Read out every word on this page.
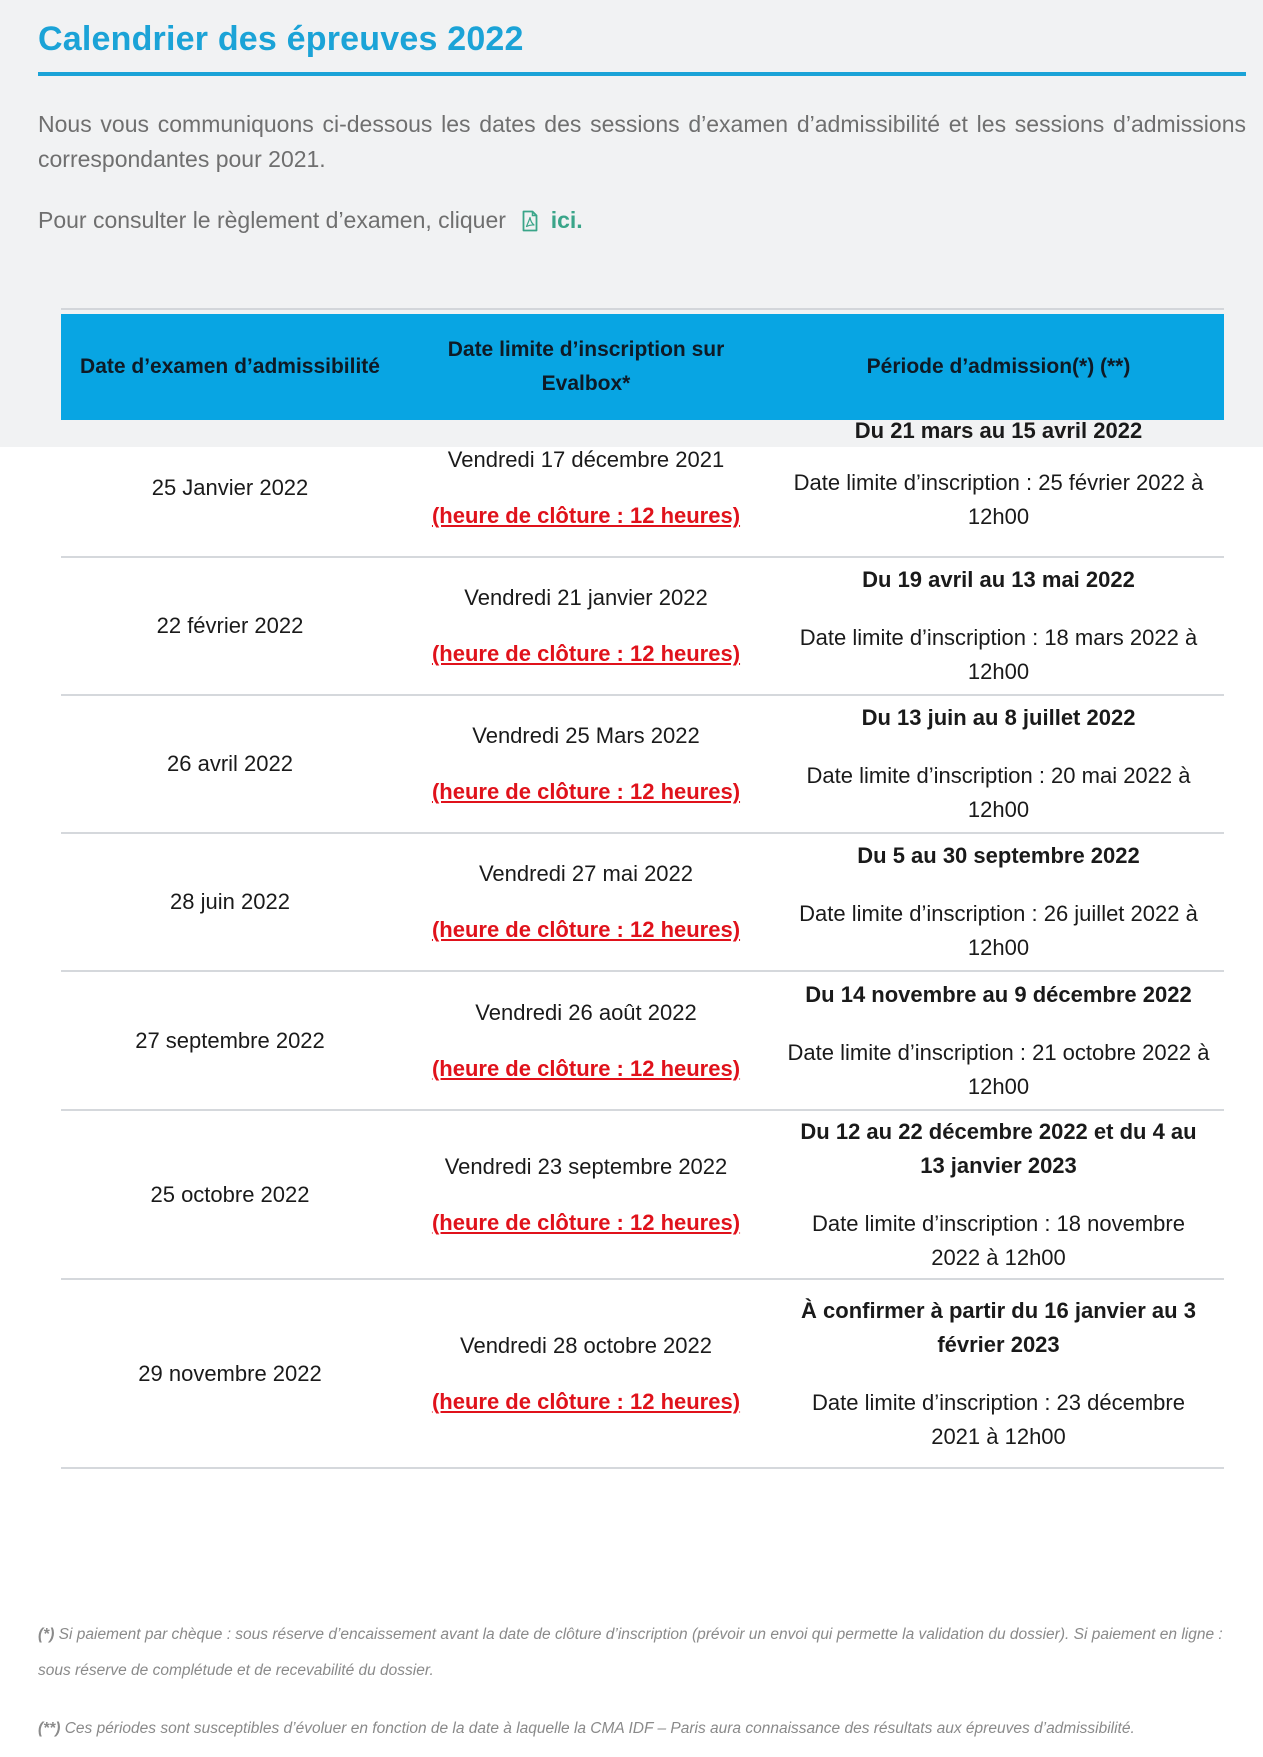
Calendrier des épreuves 2022

Nous vous communiquons ci-dessous les dates des sessions d’examen d’admissibilité et les sessions d’admissions correspondantes pour 2021.

Pour consulter le règlement d’examen, cliquer ici.

Date d’examen d’admissibilité
Date limite d’inscription sur Evalbox*
Période d’admission(*) (**)
25 Janvier 2022

Vendredi 17 décembre 2021

(heure de clôture : 12 heures)

Du 21 mars au 15 avril 2022

Date limite d’inscription : 25 février 2022 à 12h00

22 février 2022

Vendredi 21 janvier 2022

(heure de clôture : 12 heures)

Du 19 avril au 13 mai 2022

Date limite d’inscription : 18 mars 2022 à 12h00

26 avril 2022

Vendredi 25 Mars 2022

(heure de clôture : 12 heures)

Du 13 juin au 8 juillet 2022

Date limite d’inscription : 20 mai 2022 à 12h00

28 juin 2022

Vendredi 27 mai 2022

(heure de clôture : 12 heures)

Du 5 au 30 septembre 2022

Date limite d’inscription : 26 juillet 2022 à 12h00

27 septembre 2022

Vendredi 26 août 2022

(heure de clôture : 12 heures)

Du 14 novembre au 9 décembre 2022

Date limite d’inscription : 21 octobre 2022 à 12h00

25 octobre 2022

Vendredi 23 septembre 2022

(heure de clôture : 12 heures)

Du 12 au 22 décembre 2022 et du 4 au 13 janvier 2023

Date limite d’inscription : 18 novembre 2022 à 12h00

29 novembre 2022

Vendredi 28 octobre 2022

(heure de clôture : 12 heures)

À confirmer à partir du 16 janvier au 3 février 2023

Date limite d’inscription : 23 décembre 2021 à 12h00

(*) Si paiement par chèque : sous réserve d’encaissement avant la date de clôture d’inscription (prévoir un envoi qui permette la validation du dossier). Si paiement en ligne : sous réserve de complétude et de recevabilité du dossier.

(**) Ces périodes sont susceptibles d’évoluer en fonction de la date à laquelle la CMA IDF – Paris aura connaissance des résultats aux épreuves d’admissibilité.
